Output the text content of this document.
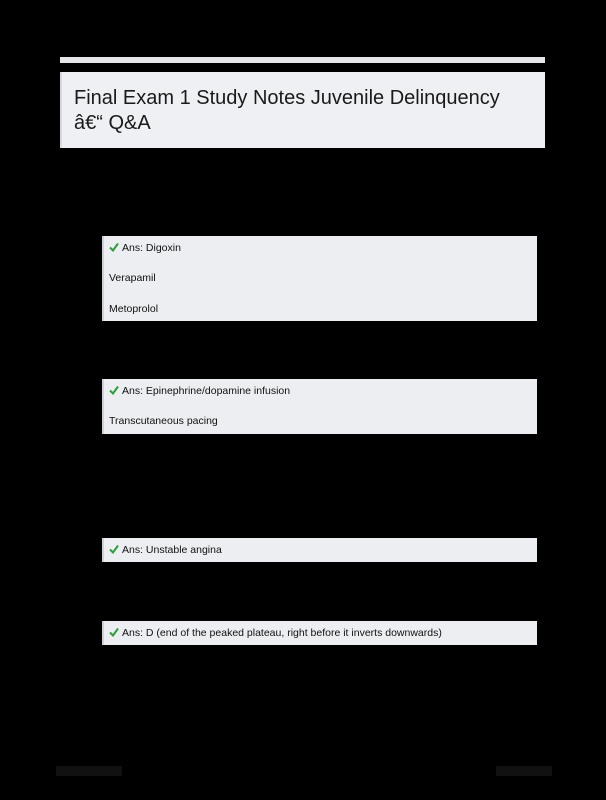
Final Exam 1 Study Notes Juvenile Delinquency â€“ Q&A
Ans: Digoxin
Verapamil
Metoprolol
Ans: Epinephrine/dopamine infusion
Transcutaneous pacing
Ans: Unstable angina
Ans: D (end of the peaked plateau, right before it inverts downwards)
